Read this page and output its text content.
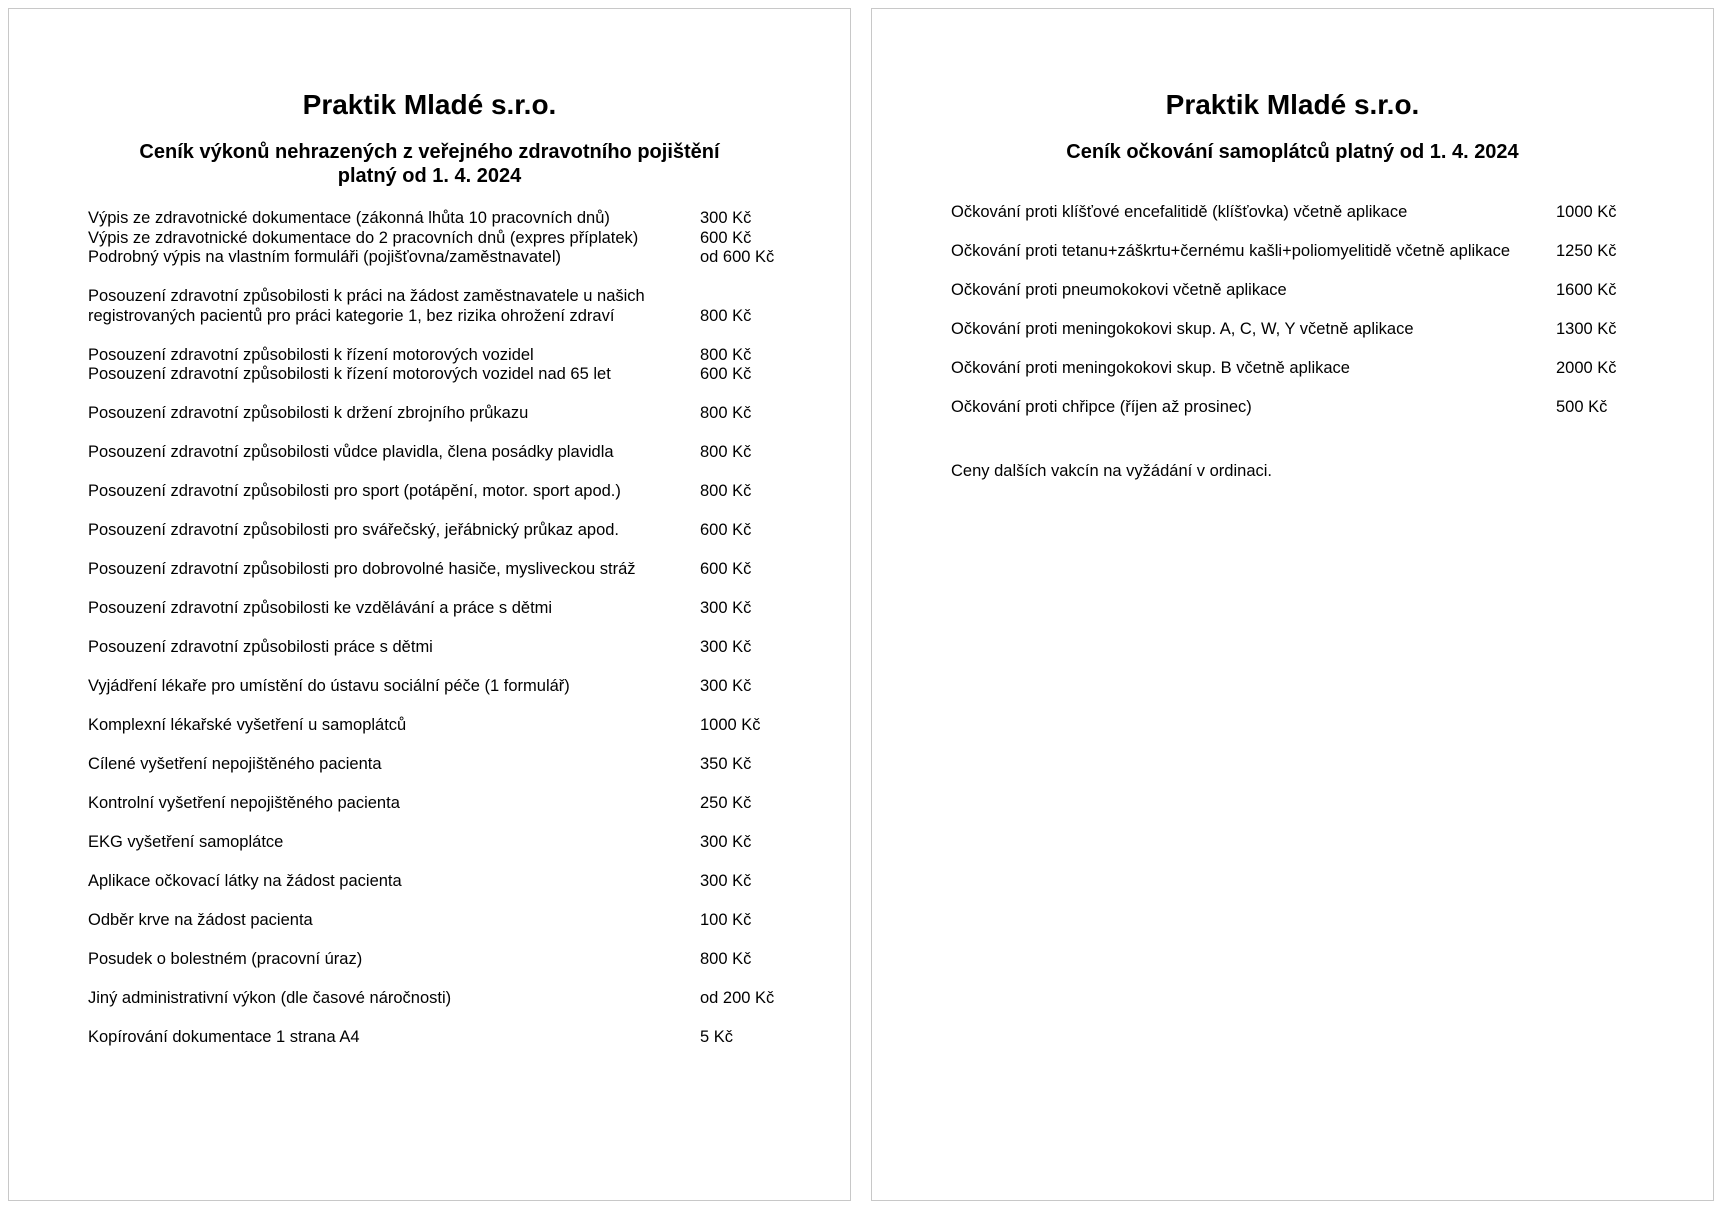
Praktik Mladé s.r.o.
Ceník výkonů nehrazených z veřejného zdravotního pojištění
platný od 1. 4. 2024
Výpis ze zdravotnické dokumentace (zákonná lhůta 10 pracovních dnů)	300 Kč
Výpis ze zdravotnické dokumentace do 2 pracovních dnů (expres příplatek)	600 Kč
Podrobný výpis na vlastním formuláři (pojišťovna/zaměstnavatel)	od 600 Kč
Posouzení zdravotní způsobilosti k práci na žádost zaměstnavatele u našich
registrovaných pacientů pro práci kategorie 1, bez rizika ohrožení zdraví	800 Kč
Posouzení zdravotní způsobilosti k řízení motorových vozidel	800 Kč
Posouzení zdravotní způsobilosti k řízení motorových vozidel nad 65 let	600 Kč
Posouzení zdravotní způsobilosti k držení zbrojního průkazu	800 Kč
Posouzení zdravotní způsobilosti vůdce plavidla, člena posádky plavidla	800 Kč
Posouzení zdravotní způsobilosti pro sport (potápění, motor. sport apod.)	800 Kč
Posouzení zdravotní způsobilosti pro svářečský, jeřábnický průkaz apod.	600 Kč
Posouzení zdravotní způsobilosti pro dobrovolné hasiče, mysliveckou stráž	600 Kč
Posouzení zdravotní způsobilosti ke vzdělávání a práce s dětmi	300 Kč
Posouzení zdravotní způsobilosti práce s dětmi	300 Kč
Vyjádření lékaře pro umístění do ústavu sociální péče (1 formulář)	300 Kč
Komplexní lékařské vyšetření u samoplátců	1000 Kč
Cílené vyšetření nepojištěného pacienta	350 Kč
Kontrolní vyšetření nepojištěného pacienta	250 Kč
EKG vyšetření samoplátce	300 Kč
Aplikace očkovací látky na žádost pacienta	300 Kč
Odběr krve na žádost pacienta	100 Kč
Posudek o bolestném (pracovní úraz)	800 Kč
Jiný administrativní výkon (dle časové náročnosti)	od 200 Kč
Kopírování dokumentace 1 strana A4	5 Kč
Praktik Mladé s.r.o.
Ceník očkování samoplátců platný od 1. 4. 2024
Očkování proti klíšťové encefalitidě (klíšťovka) včetně aplikace	1000 Kč
Očkování proti tetanu+záškrtu+černému kašli+poliomyelitidě včetně aplikace	1250 Kč
Očkování proti pneumokokovi včetně aplikace	1600 Kč
Očkování proti meningokokovi skup. A, C, W, Y včetně aplikace	1300 Kč
Očkování proti meningokokovi skup. B včetně aplikace	2000 Kč
Očkování proti chřipce (říjen až prosinec)	500 Kč
Ceny dalších vakcín na vyžádání v ordinaci.
